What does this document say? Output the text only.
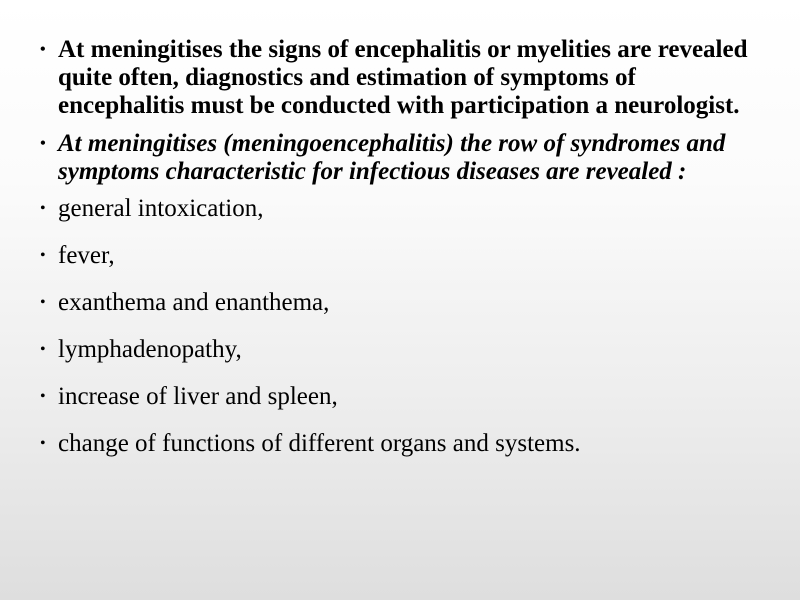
• At meningitises the signs of encephalitis or myelities are revealed quite often, diagnostics and estimation of symptoms of encephalitis must be conducted with participation a neurologist.
• At meningitises (meningoencephalitis) the row of syndromes and symptoms characteristic for infectious diseases are revealed :
• general intoxication,
• fever,
• exanthema and enanthema,
• lymphadenopathy,
• increase of liver and spleen,
• change of functions of different organs and systems.
